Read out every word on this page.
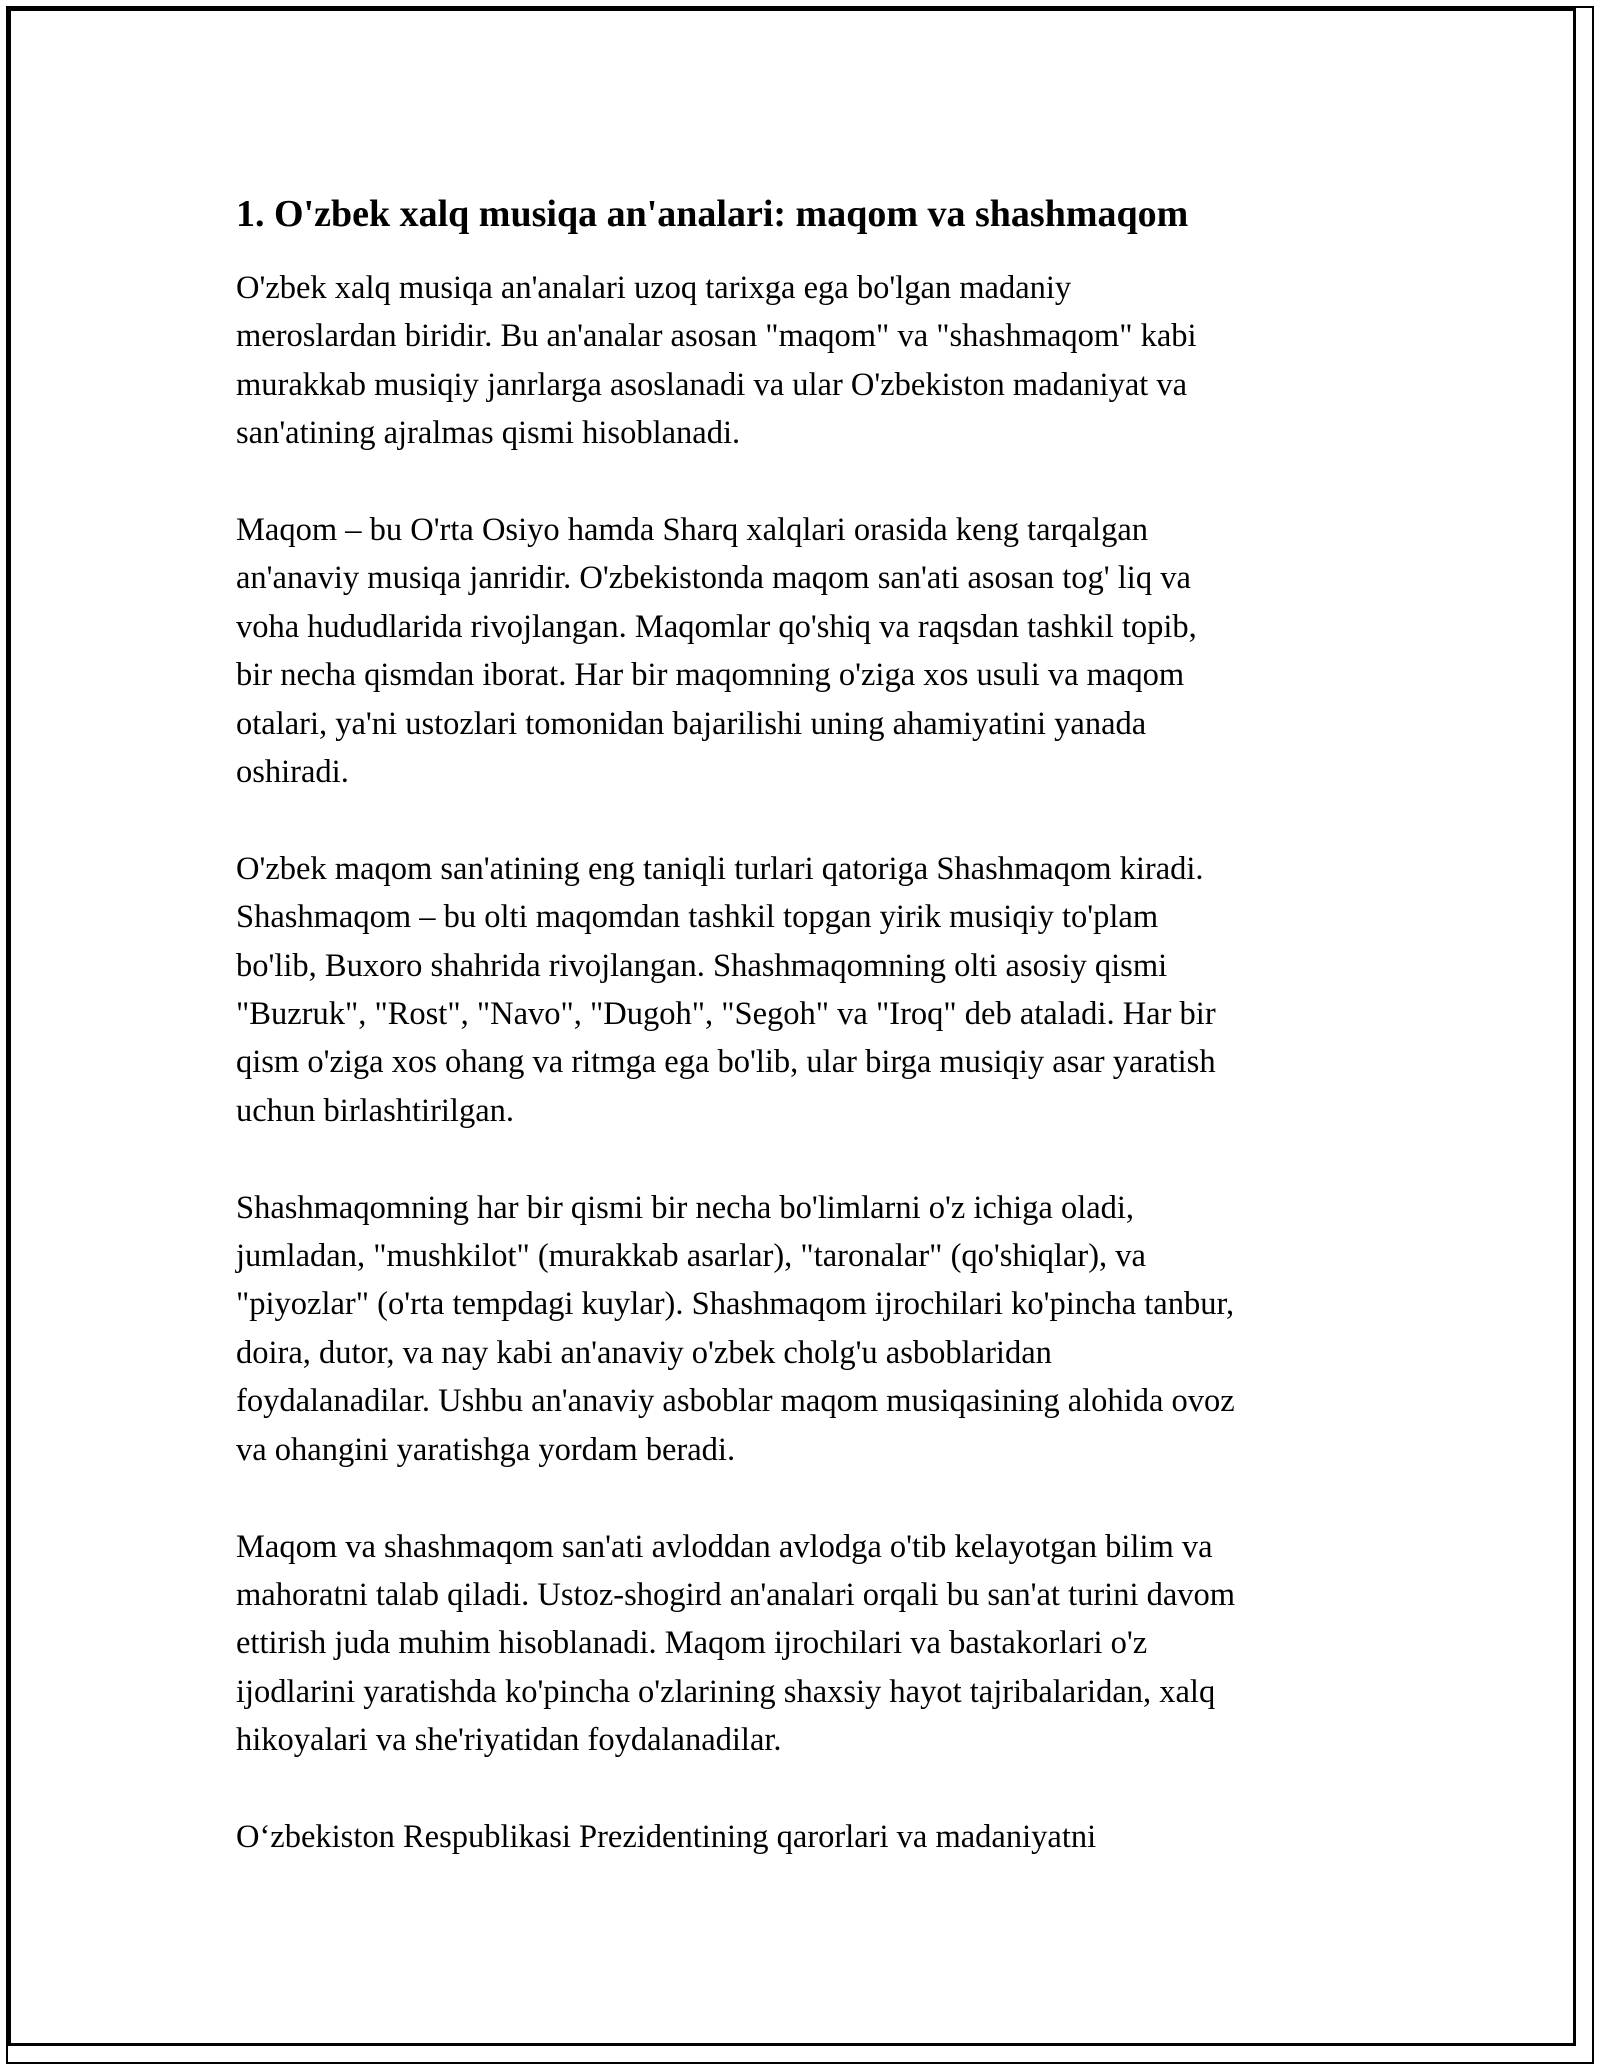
1. O'zbek xalq musiqa an'analari: maqom va shashmaqom

O'zbek xalq musiqa an'analari uzoq tarixga ega bo'lgan madaniy
meroslardan biridir. Bu an'analar asosan "maqom" va "shashmaqom" kabi
murakkab musiqiy janrlarga asoslanadi va ular O'zbekiston madaniyat va
san'atining ajralmas qismi hisoblanadi.

Maqom – bu O'rta Osiyo hamda Sharq xalqlari orasida keng tarqalgan
an'anaviy musiqa janridir. O'zbekistonda maqom san'ati asosan tog' liq va
voha hududlarida rivojlangan. Maqomlar qo'shiq va raqsdan tashkil topib,
bir necha qismdan iborat. Har bir maqomning o'ziga xos usuli va maqom
otalari, ya'ni ustozlari tomonidan bajarilishi uning ahamiyatini yanada
oshiradi.

O'zbek maqom san'atining eng taniqli turlari qatoriga Shashmaqom kiradi.
Shashmaqom – bu olti maqomdan tashkil topgan yirik musiqiy to'plam
bo'lib, Buxoro shahrida rivojlangan. Shashmaqomning olti asosiy qismi
"Buzruk", "Rost", "Navo", "Dugoh", "Segoh" va "Iroq" deb ataladi. Har bir
qism o'ziga xos ohang va ritmga ega bo'lib, ular birga musiqiy asar yaratish
uchun birlashtirilgan.

Shashmaqomning har bir qismi bir necha bo'limlarni o'z ichiga oladi,
jumladan, "mushkilot" (murakkab asarlar), "taronalar" (qo'shiqlar), va
"piyozlar" (o'rta tempdagi kuylar). Shashmaqom ijrochilari ko'pincha tanbur,
doira, dutor, va nay kabi an'anaviy o'zbek cholg'u asboblaridan
foydalanadilar. Ushbu an'anaviy asboblar maqom musiqasining alohida ovoz
va ohangini yaratishga yordam beradi.

Maqom va shashmaqom san'ati avloddan avlodga o'tib kelayotgan bilim va
mahoratni talab qiladi. Ustoz-shogird an'analari orqali bu san'at turini davom
ettirish juda muhim hisoblanadi. Maqom ijrochilari va bastakorlari o'z
ijodlarini yaratishda ko'pincha o'zlarining shaxsiy hayot tajribalaridan, xalq
hikoyalari va she'riyatidan foydalanadilar.

O‘zbekiston Respublikasi Prezidentining qarorlari va madaniyatni
